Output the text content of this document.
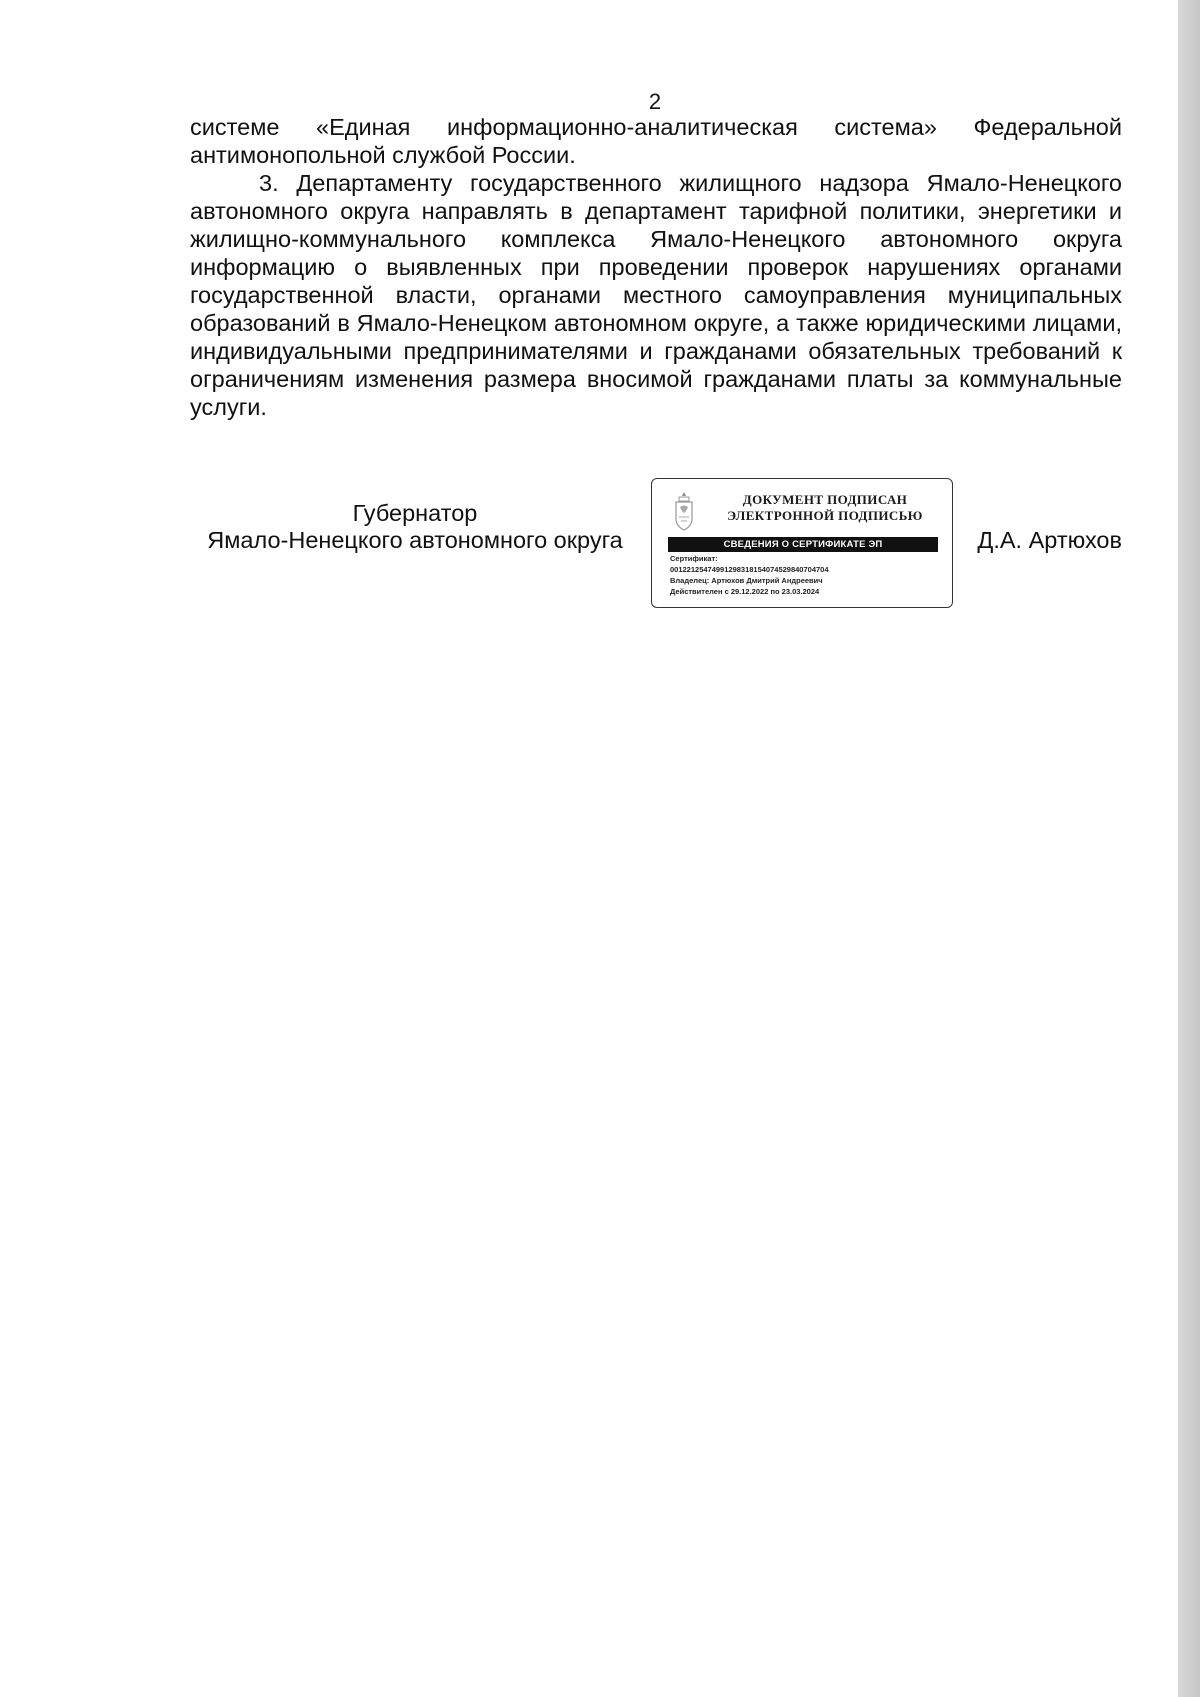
2

системе «Единая информационно-аналитическая система» Федеральной антимонопольной службой России.

3. Департаменту государственного жилищного надзора Ямало-Ненецкого автономного округа направлять в департамент тарифной политики, энергетики и жилищно-коммунального комплекса Ямало-Ненецкого автономного округа информацию о выявленных при проведении проверок нарушениях органами государственной власти, органами местного самоуправления муниципальных образований в Ямало-Ненецком автономном округе, а также юридическими лицами, индивидуальными предпринимателями и гражданами обязательных требований к ограничениям изменения размера вносимой гражданами платы за коммунальные услуги.

Губернатор
Ямало-Ненецкого автономного округа
ДОКУМЕНТ ПОДПИСАН
ЭЛЕКТРОННОЙ ПОДПИСЬЮ
СВЕДЕНИЯ О СЕРТИФИКАТЕ ЭП
Сертификат:
00122125474991298318154074529840704704
Владелец: Артюхов Дмитрий Андреевич
Действителен с 29.12.2022 по 23.03.2024
Д.А. Артюхов
